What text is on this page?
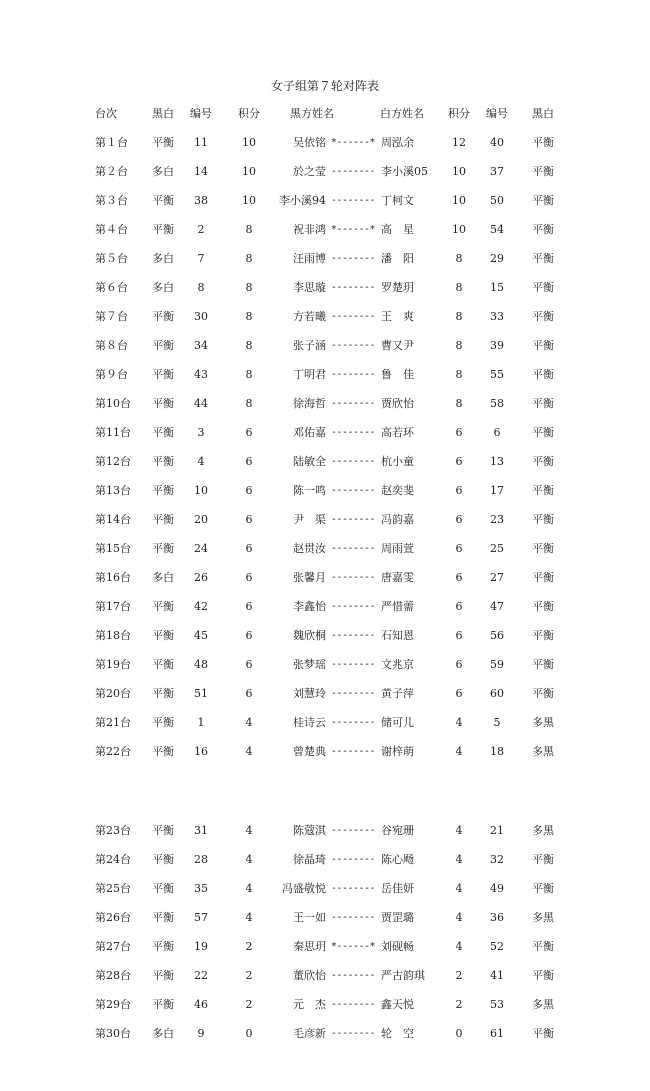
女子组第７轮对阵表
台次	黑白	编号	积分	黑方姓名	白方姓名	积分	编号	黑白
第１台	平衡	11	10	吴依铭 *------* 周泓余	12	40	平衡
第２台	多白	14	10	於之莹 -------- 李小溪05	10	37	平衡
第３台	平衡	38	10	李小溪94 -------- 丁柯文	10	50	平衡
第４台	平衡	2	8	祝非鸿 *------* 高　星	10	54	平衡
第５台	多白	7	8	汪雨博 -------- 潘　阳	8	29	平衡
第６台	多白	8	8	李思璇 -------- 罗楚玥	8	15	平衡
第７台	平衡	30	8	方若曦 -------- 王　爽	8	33	平衡
第８台	平衡	34	8	张子涵 -------- 曹又尹	8	39	平衡
第９台	平衡	43	8	丁明君 -------- 鲁　佳	8	55	平衡
第10台	平衡	44	8	徐海哲 -------- 贾欣怡	8	58	平衡
第11台	平衡	3	6	邓佑嘉 -------- 高若环	6	6	平衡
第12台	平衡	4	6	陆敏全 -------- 杭小童	6	13	平衡
第13台	平衡	10	6	陈一鸣 -------- 赵奕斐	6	17	平衡
第14台	平衡	20	6	尹　渠 -------- 冯韵嘉	6	23	平衡
第15台	平衡	24	6	赵贯汝 -------- 周雨萱	6	25	平衡
第16台	多白	26	6	张馨月 -------- 唐嘉雯	6	27	平衡
第17台	平衡	42	6	李鑫怡 -------- 严惜薷	6	47	平衡
第18台	平衡	45	6	魏欣桐 -------- 石知恩	6	56	平衡
第19台	平衡	48	6	张梦瑶 -------- 文兆京	6	59	平衡
第20台	平衡	51	6	刘慧玲 -------- 黄子萍	6	60	平衡
第21台	平衡	1	4	桂诗云 -------- 储可儿	4	5	多黑
第22台	平衡	16	4	曾楚典 -------- 谢梓萌	4	18	多黑
第23台	平衡	31	4	陈蔻淇 -------- 谷宛珊	4	21	多黑
第24台	平衡	28	4	徐晶琦 -------- 陈心飏	4	32	平衡
第25台	平衡	35	4	冯盛敬悦 -------- 岳佳妍	4	49	平衡
第26台	平衡	57	4	王一如 -------- 贾罡璐	4	36	多黑
第27台	平衡	19	2	秦思玥 *------* 刘砚畅	4	52	平衡
第28台	平衡	22	2	董欣怡 -------- 严古韵琪	2	41	平衡
第29台	平衡	46	2	元　杰 -------- 鑫天悦	2	53	多黑
第30台	多白	9	0	毛彦新 -------- 轮　空	0	61	平衡
